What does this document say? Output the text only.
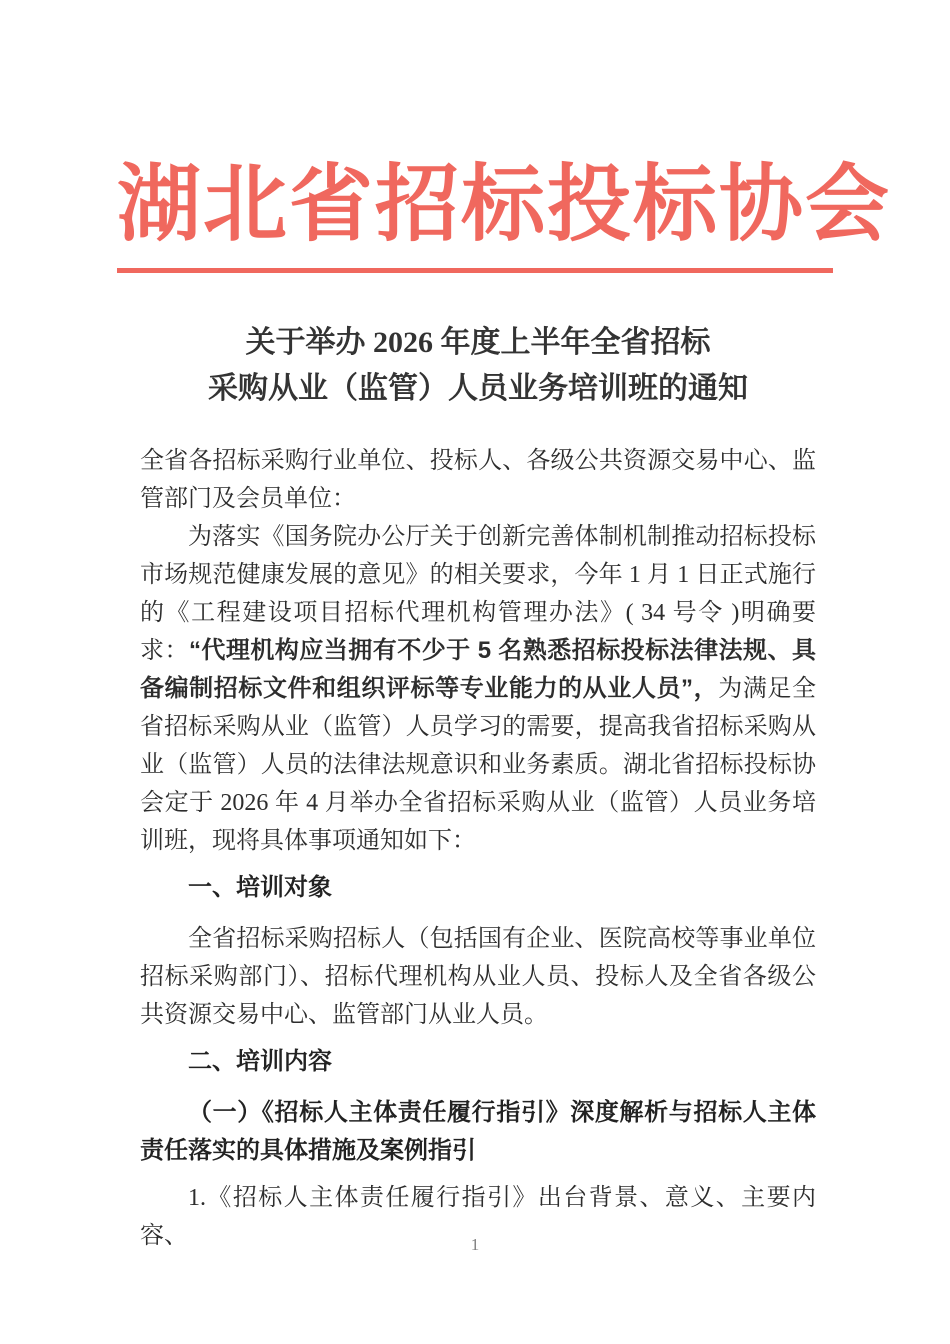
湖北省招标投标协会
关于举办 2026 年度上半年全省招标
采购从业（监管）人员业务培训班的通知

全省各招标采购行业单位、投标人、各级公共资源交易中心、监管部门及会员单位：

为落实《国务院办公厅关于创新完善体制机制推动招标投标市场规范健康发展的意见》的相关要求，今年 1 月 1 日正式施行的《工程建设项目招标代理机构管理办法》( 34 号令 )明确要求：“代理机构应当拥有不少于 5 名熟悉招标投标法律法规、具备编制招标文件和组织评标等专业能力的从业人员”，为满足全省招标采购从业（监管）人员学习的需要，提高我省招标采购从业（监管）人员的法律法规意识和业务素质。湖北省招标投标协会定于 2026 年 4 月举办全省招标采购从业（监管）人员业务培训班，现将具体事项通知如下：

一、培训对象

全省招标采购招标人（包括国有企业、医院高校等事业单位招标采购部门）、招标代理机构从业人员、投标人及全省各级公共资源交易中心、监管部门从业人员。

二、培训内容

（一）《招标人主体责任履行指引》深度解析与招标人主体责任落实的具体措施及案例指引

1.《招标人主体责任履行指引》出台背景、意义、主要内容、	1
